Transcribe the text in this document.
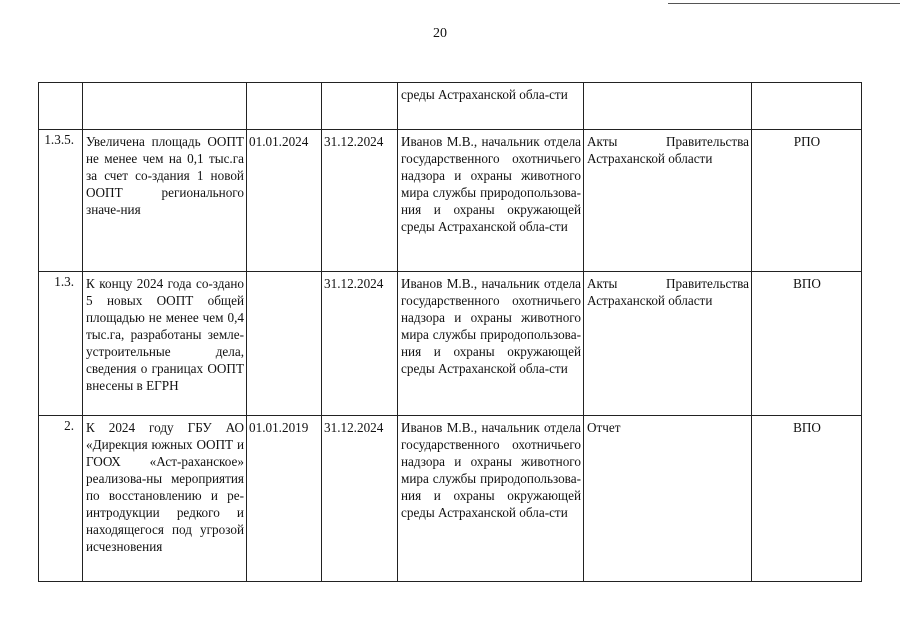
20
				среды Астраханской обла-сти		
1.3.5.	Увеличена площадь ООПТ не менее чем на 0,1 тыс.га за счет со-здания 1 новой ООПТ регионального значе-ния	01.01.2024	31.12.2024	Иванов М.В., начальник отдела государственного охотничьего надзора и охраны животного мира службы природопользова-ния и охраны окружающей среды Астраханской обла-сти	Акты Правительства Астраханской области	РПО
1.3.	К концу 2024 года со-здано 5 новых ООПТ общей площадью не менее чем 0,4 тыс.га, разработаны земле-устроительные дела, сведения о границах ООПТ внесены в ЕГРН		31.12.2024	Иванов М.В., начальник отдела государственного охотничьего надзора и охраны животного мира службы природопользова-ния и охраны окружающей среды Астраханской обла-сти	Акты Правительства Астраханской области	ВПО
2.	К 2024 году ГБУ АО «Дирекция южных ООПТ и ГООХ «Аст-раханское» реализова-ны мероприятия по восстановлению и ре-интродукции редкого и находящегося под угрозой исчезновения	01.01.2019	31.12.2024	Иванов М.В., начальник отдела государственного охотничьего надзора и охраны животного мира службы природопользова-ния и охраны окружающей среды Астраханской обла-сти	Отчет	ВПО
